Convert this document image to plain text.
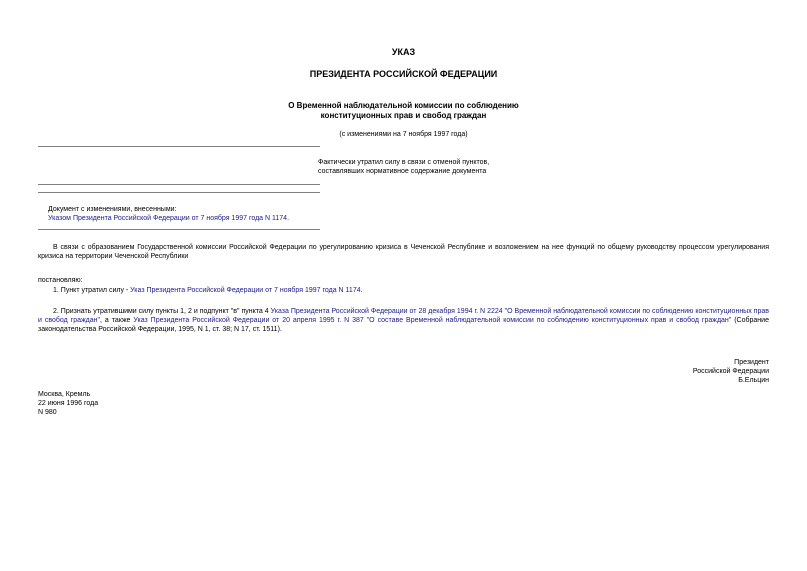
УКАЗ
ПРЕЗИДЕНТА РОССИЙСКОЙ ФЕДЕРАЦИИ
О Временной наблюдательной комиссии по соблюдению
конституционных прав и свобод граждан
(с изменениями на 7 ноября 1997 года)
Фактически утратил силу в связи с отменой пунктов,
составлявших нормативное содержание документа
Документ с изменениями, внесенными:
Указом Президента Российской Федерации от 7 ноября 1997 года N 1174.
В связи с образованием Государственной комиссии Российской Федерации по урегулированию кризиса в Чеченской Республике и возложением на нее функций по общему руководству процессом урегулирования кризиса на территории Чеченской Республики
постановляю:
1. Пункт утратил силу - Указ Президента Российской Федерации от 7 ноября 1997 года N 1174.
2. Признать утратившими силу пункты 1, 2 и подпункт "в" пункта 4 Указа Президента Российской Федерации от 28 декабря 1994 г. N 2224 "О Временной наблюдательной комиссии по соблюдению конституционных прав и свобод граждан", а также Указ Президента Российской Федерации от 20 апреля 1995 г. N 387 "О составе Временной наблюдательной комиссии по соблюдению конституционных прав и свобод граждан" (Собрание законодательства Российской Федерации, 1995, N 1, ст. 38; N 17, ст. 1511).
Президент
Российской Федерации
Б.Ельцин
Москва, Кремль
22 июня 1996 года
N 980
